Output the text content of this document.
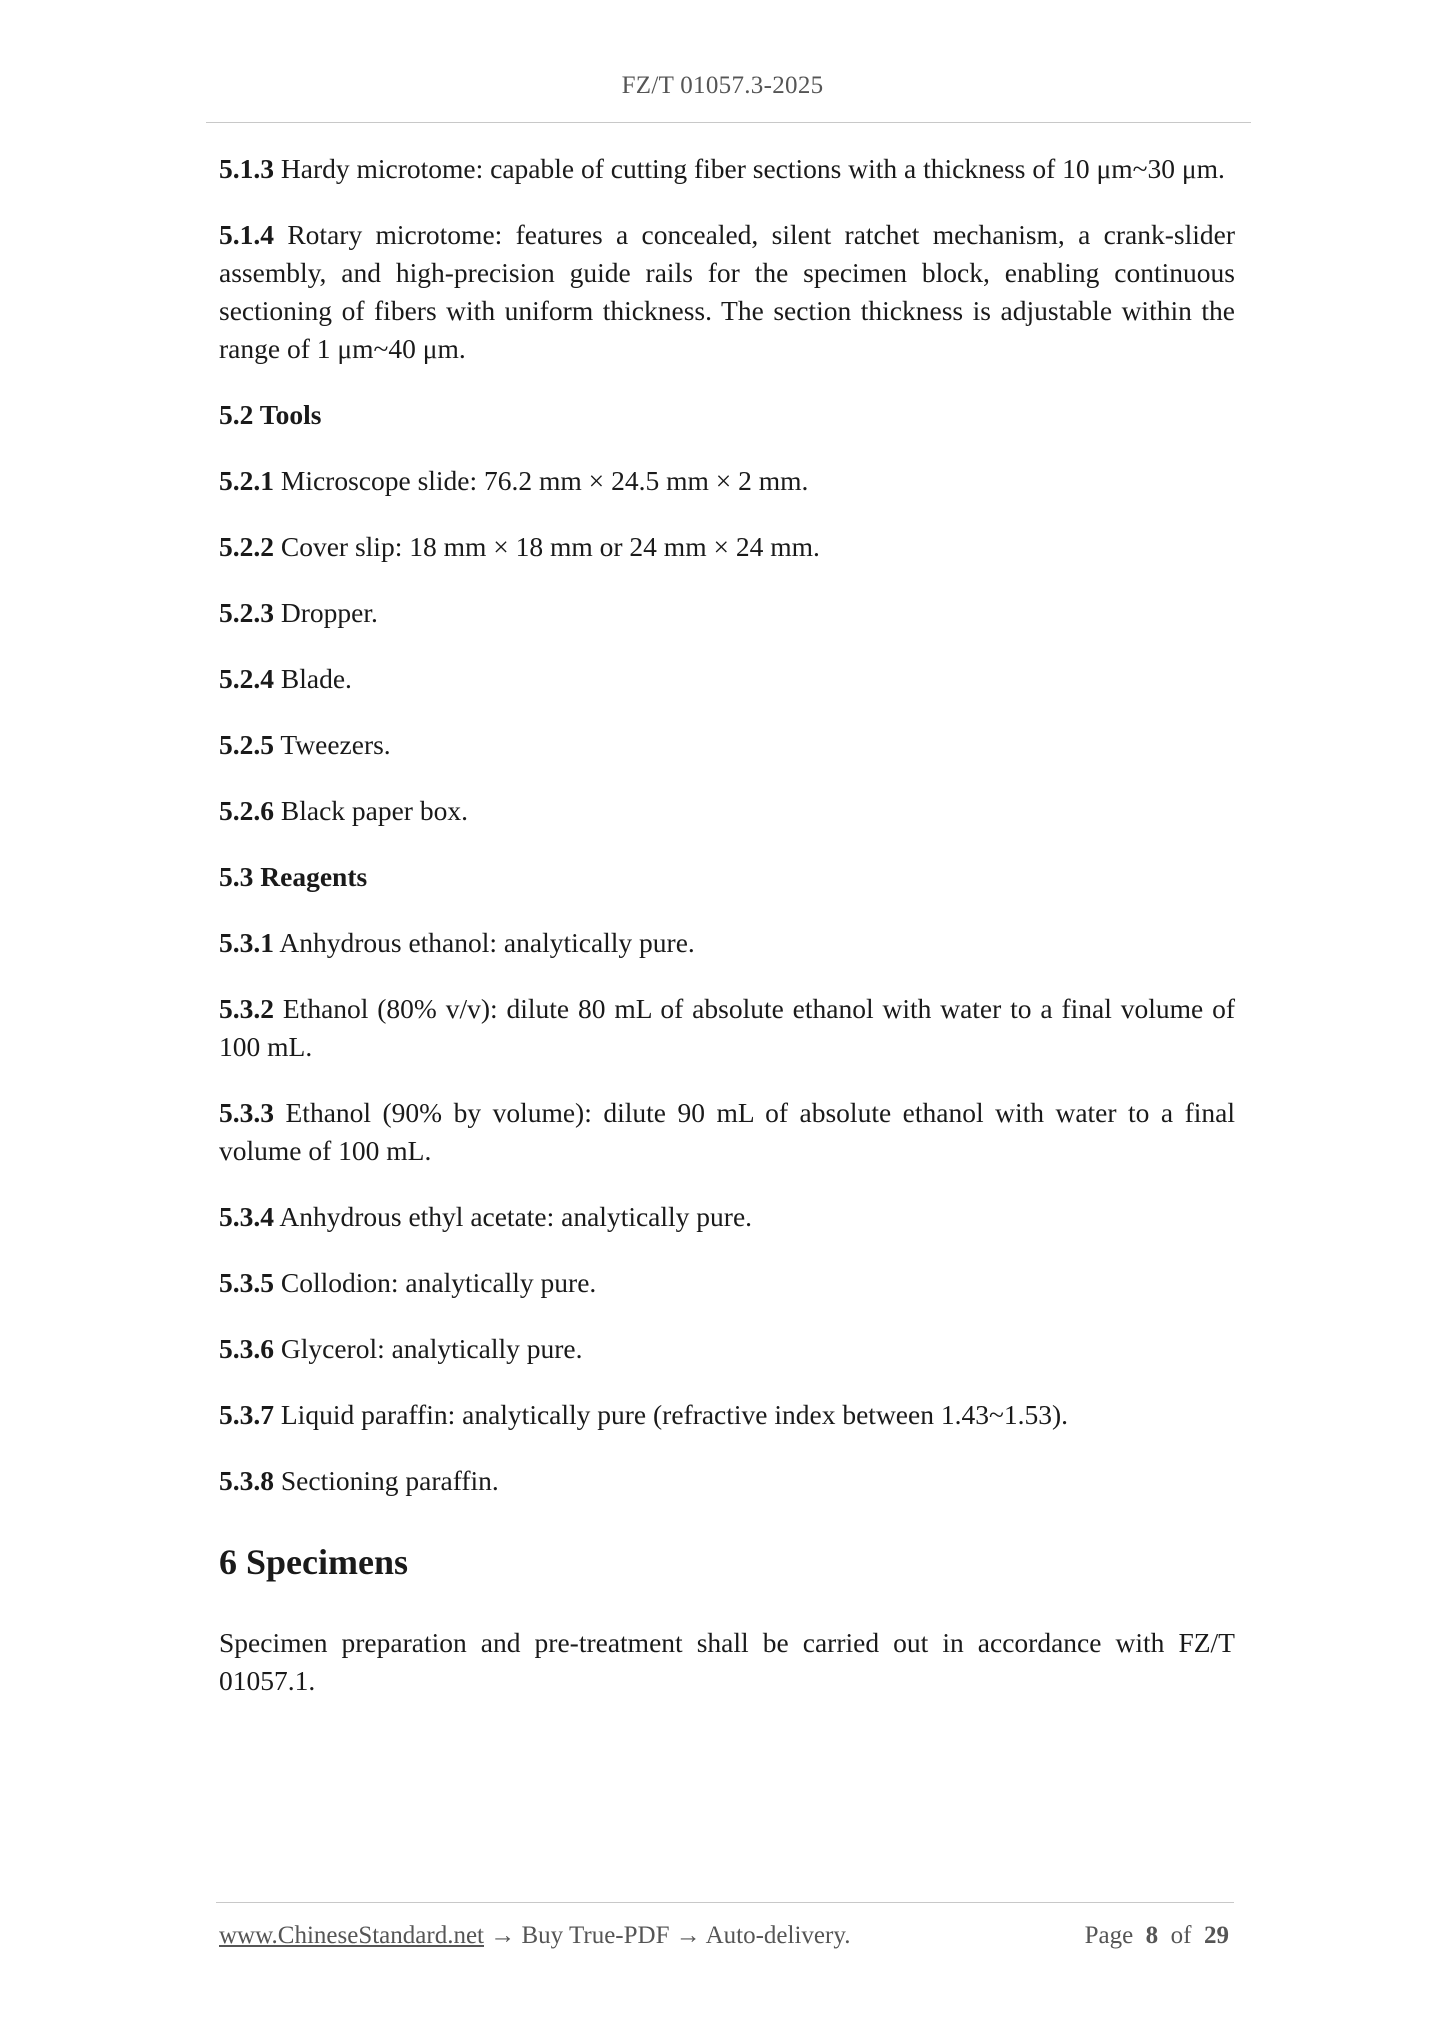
FZ/T 01057.3-2025

5.1.3 Hardy microtome: capable of cutting fiber sections with a thickness of 10 μm~30 μm.

5.1.4 Rotary microtome: features a concealed, silent ratchet mechanism, a crank-slider assembly, and high-precision guide rails for the specimen block, enabling continuous sectioning of fibers with uniform thickness. The section thickness is adjustable within the range of 1 μm~40 μm.

5.2 Tools

5.2.1 Microscope slide: 76.2 mm × 24.5 mm × 2 mm.

5.2.2 Cover slip: 18 mm × 18 mm or 24 mm × 24 mm.

5.2.3 Dropper.

5.2.4 Blade.

5.2.5 Tweezers.

5.2.6 Black paper box.

5.3 Reagents

5.3.1 Anhydrous ethanol: analytically pure.

5.3.2 Ethanol (80% v/v): dilute 80 mL of absolute ethanol with water to a final volume of 100 mL.

5.3.3 Ethanol (90% by volume): dilute 90 mL of absolute ethanol with water to a final volume of 100 mL.

5.3.4 Anhydrous ethyl acetate: analytically pure.

5.3.5 Collodion: analytically pure.

5.3.6 Glycerol: analytically pure.

5.3.7 Liquid paraffin: analytically pure (refractive index between 1.43~1.53).

5.3.8 Sectioning paraffin.

6 Specimens

Specimen preparation and pre-treatment shall be carried out in accordance with FZ/T 01057.1.

www.ChineseStandard.net → Buy True-PDF → Auto-delivery.	Page 8 of 29
